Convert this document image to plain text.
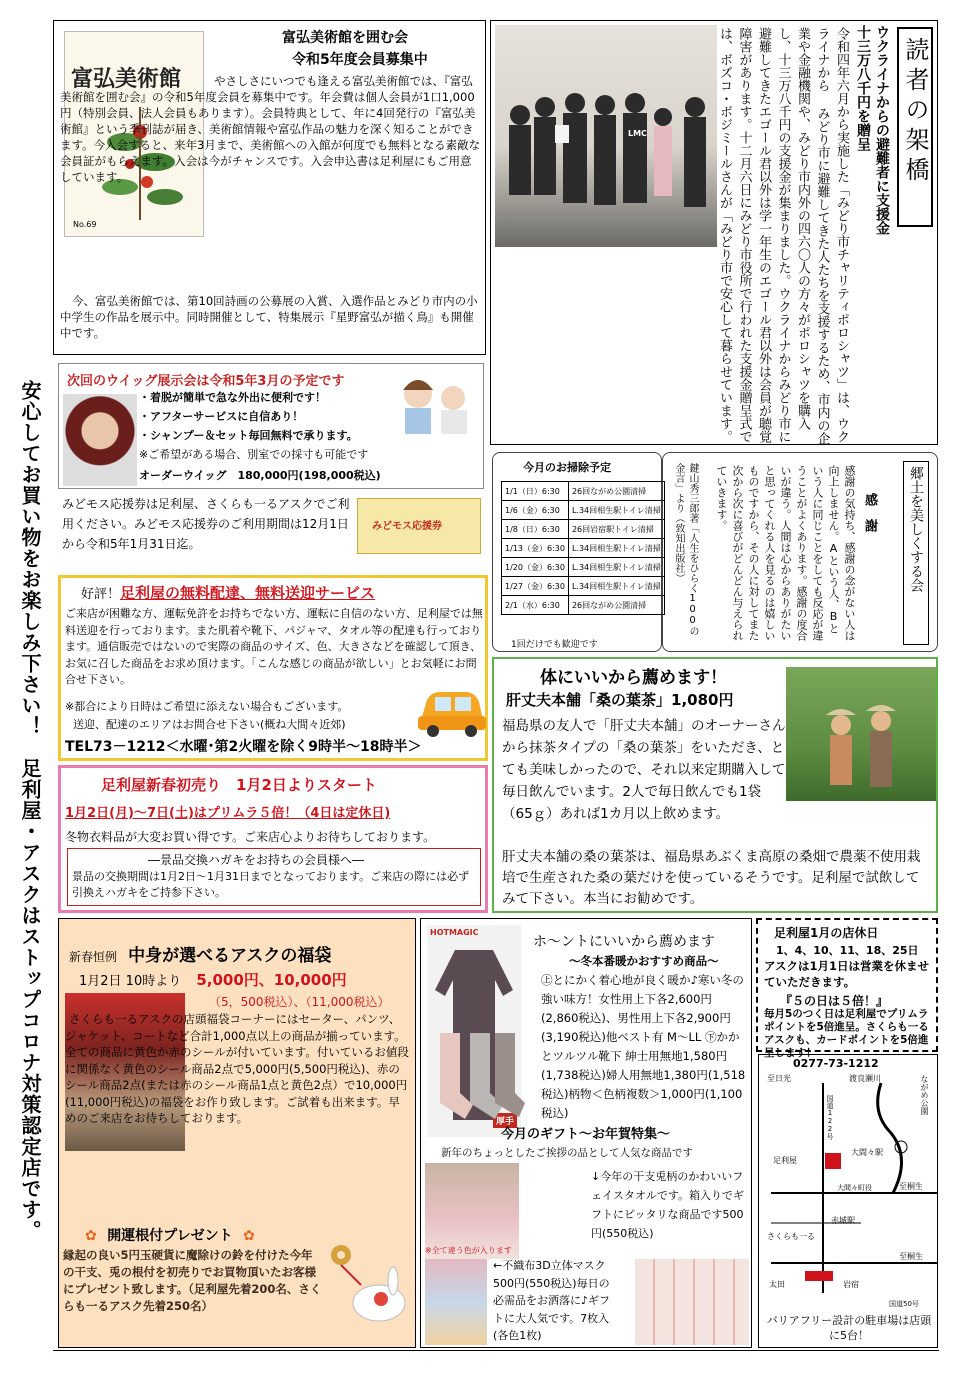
安心してお買い物をお楽しみ下さい！　足利屋・アスクはストップコロナ対策認定店です。
富弘美術館
No.69
富弘美術館を囲む会
令和5年度会員募集中
やさしさにいつでも逢える富弘美術館では、『富弘美術館を囲む会』の令和5年度会員を募集中です。年会費は個人会員が1口1,000円（特別会員、法人会員もあります）。会員特典として、年に4回発行の『富弘美術館』という季刊誌が届き、美術館情報や富弘作品の魅力を深く知ることができます。今入会すると、来年3月まで、美術館への入館が何度でも無料となる素敵な会員証がもらえます。入会は今がチャンスです。入会申込書は足利屋にもご用意しています。
今、富弘美術館では、第10回詩画の公募展の入賞、入選作品とみどり市内の小中学生の作品を展示中。同時開催として、特集展示『星野富弘が描く鳥』も開催中です。
LMC	読者の架橋
ウクライナからの避難者に支援金十三万八千円を贈呈
令和四年六月から実施した「みどり市チャリティポロシャツ」は、ウクライナから みどり市に避難してきた人たちを支援するため、市内の企業や金融機関や、みどり市内外の四六〇人の方々がポロシャツを購入し、十三万八千円の支援金が集まりました。ウクライナからみどり市に避難してきたエゴール君以外は学一年生のエゴール君以外は会員が聴覚障害があります。十二月六日にみどり市役所で行われた支援金贈呈式では、ボズコ・ボジミールさんが「みどり市で安心して暮らせています。
次回のウイッグ展示会は令和5年3月の予定です
・着脱が簡単で急な外出に便利です！
・アフターサービスに自信あり！
・シャンプー＆セット毎回無料で承ります。
※ご希望がある場合、別室での採寸も可能です
オーダーウイッグ　180,000円(198,000税込)
みどモス応援券は足利屋、さくらも一るアスクでご利用ください。みどモス応援券のご利用期間は12月1日から令和5年1月31日迄。
みどモス応援券
今月のお掃除予定
1/1（日）6:30	26回ながめ公園清掃
1/6（金）6:30	L.34回相生駅トイレ清掃
1/8（日）6:30	26回岩宿駅トイレ清掃
1/13（金）6:30	L.34回相生駅トイレ清掃
1/20（金）6:30	L.34回相生駅トイレ清掃
1/27（金）6:30	L.34回相生駅トイレ清掃
2/1（水）6:30	26回ながめ公園清掃
1回だけでも歓迎です
郷土を美しくする会
感　謝
感謝の気持ち、感謝の念がない人は向上しません。Aという人、Bという人に同じことをしても反応が違うことがよくあります。感謝の度合いが違う。人間は心からありがたいと思ってくれる人を見るのは嬉しいものですから、その人に対してまた次から次に喜びがどんどん与えられていきます。
鍵山秀三郎著「人生をひらく100の金言」より（致知出版社）
好評！足利屋の無料配達、無料送迎サービス
ご来店が困難な方、運転免許をお持ちでない方、運転に自信のない方、足利屋では無料送迎を行っております。また肌着や靴下、パジャマ、タオル等の配達も行っております。通信販売ではないので実際の商品のサイズ、色、大きさなどを確認して頂き、お気に召した商品をお求め頂けます。「こんな感じの商品が欲しい」とお気軽にお問合せ下さい。
※都合により日時はご希望に添えない場合もございます。
送迎、配達のエリアはお問合せ下さい(概ね大間々近郊)
TEL73－1212＜水曜･第2火曜を除く9時半～18時半＞
体にいいから薦めます！
肝丈夫本舗「桑の葉茶」1,080円
福島県の友人で「肝丈夫本舗」のオーナーさんから抹茶タイプの「桑の葉茶」をいただき、とても美味しかったので、それ以来定期購入して毎日飲んでいます。2人で毎日飲んでも1袋（65ｇ）あれば1カ月以上飲めます。
肝丈夫本舗の桑の葉茶は、福島県あぶくま高原の桑畑で農薬不使用栽培で生産された桑の葉だけを使っているそうです。足利屋で試飲してみて下さい。本当にお勧めです。
足利屋新春初売り　1月2日よりスタート
1月2日(月)～7日(土)はプリムラ５倍！（4日は定休日)
冬物衣料品が大変お買い得です。ご来店心よりお待ちしております。
―景品交換ハガキをお持ちの会員様へ―
景品の交換期間は1月2日～1月31日までとなっております。ご来店の際には必ず引換えハガキをご持参下さい。
新春恒例 中身が選べるアスクの福袋
1月2日 10時より 5,000円、10,000円
（5，500税込）、（11,000税込）
さくらも一るアスクの店頭福袋コーナーにはセーター、パンツ、ジャケット、コートなど合計1,000点以上の商品が揃っています。全ての商品に黄色か赤のシールが付いています。付いているお値段に関係なく黄色のシール商品2点で5,000円(5,500円税込)、赤のシール商品2点(または赤のシール商品1点と黄色2点）で10,000円(11,000円税込)の福袋をお作り致します。ご試着も出来ます。早めのご来店をお待ちしております。
✿ 開運根付プレゼント ✿
縁起の良い5円玉硬貨に魔除けの鈴を付けた今年の干支、兎の根付を初売りでお買物頂いたお客様にプレゼント致します。（足利屋先着200名、さくらも一るアスク先着250名）
HOTMAGIC
厚手
ホ～ントにいいから薦めます
～冬本番暖かおすすめ商品～
㊤とにかく着心地が良く暖か♪寒い冬の強い味方！女性用上下各2,600円(2,860税込)、男性用上下各2,900円(3,190税込)他ベスト有 M～LL ㊦かかとツルツル靴下 紳士用無地1,580円(1,738税込)婦人用無地1,380円(1,518税込)柄物＜色柄複数＞1,000円(1,100税込)
今月のギフト～お年賀特集～
新年のちょっとしたご挨拶の品として人気な商品です
※全て違う色が入ります
↓今年の干支兎柄のかわいいフェイスタオルです。箱入りでギフトにピッタリな商品です500円(550税込)
←不織布3D立体マスク500円(550税込)毎日の必需品をお洒落に♪ギフトに大人気です。7枚入(各色1枚)
足利屋1月の店休日
1、4、10、11、18、25日
アスクは1月1日は営業を休ませていただきます。
『５の日は５倍！』
毎月5のつく日は足利屋でプリムラポイントを5倍進呈。さくらも一るアスクも、カードポイントを5倍進呈します！
0277-73-1212
至日光	渡良瀬川	ながめ公園
足利屋
大間々駅
大間々町役	至桐生
赤城駅
さくらも一る
国道122号
至桐生
太田	岩宿
国道50号
バリアフリー設計の駐車場は店頭に5台！
